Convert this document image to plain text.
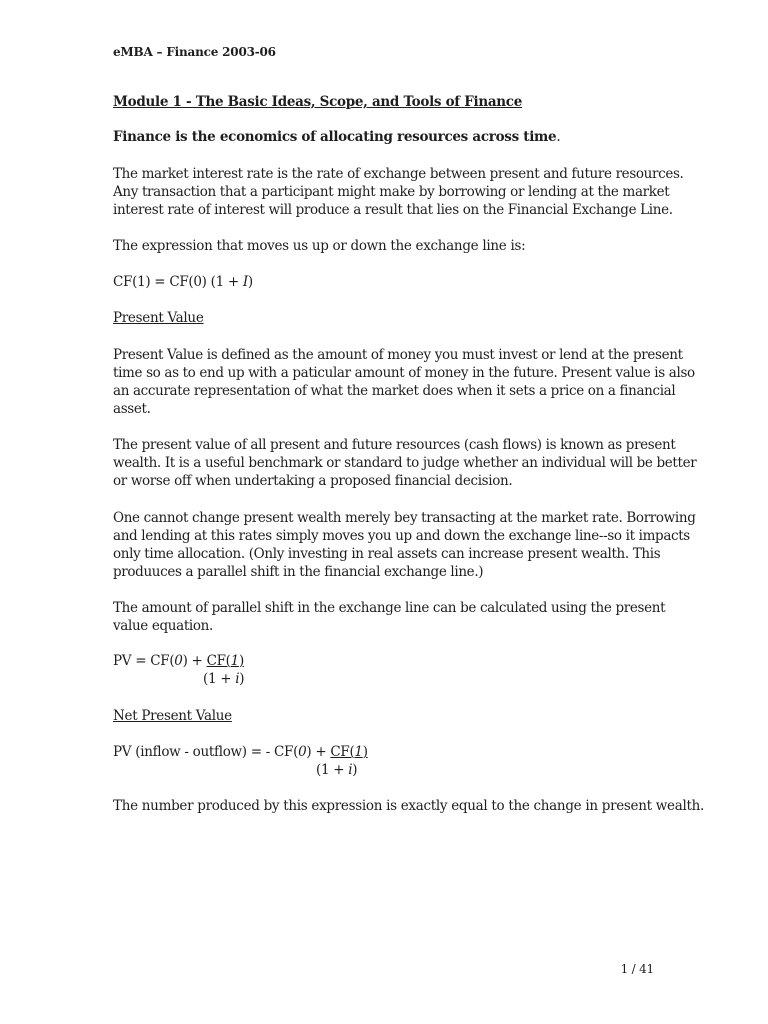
eMBA – Finance 2003-06
Module 1 - The Basic Ideas, Scope, and Tools of Finance
Finance is the economics of allocating resources across time.
The market interest rate is the rate of exchange between present and future resources.
Any transaction that a participant might make by borrowing or lending at the market
interest rate of interest will produce a result that lies on the Financial Exchange Line.
The expression that moves us up or down the exchange line is:
CF(1) = CF(0) (1 + I)
Present Value
Present Value is defined as the amount of money you must invest or lend at the present
time so as to end up with a paticular amount of money in the future. Present value is also
an accurate representation of what the market does when it sets a price on a financial
asset.
The present value of all present and future resources (cash flows) is known as present
wealth. It is a useful benchmark or standard to judge whether an individual will be better
or worse off when undertaking a proposed financial decision.
One cannot change present wealth merely bey transacting at the market rate. Borrowing
and lending at this rates simply moves you up and down the exchange line--so it impacts
only time allocation. (Only investing in real assets can increase present wealth. This
produuces a parallel shift in the financial exchange line.)
The amount of parallel shift in the exchange line can be calculated using the present
value equation.
PV = CF(0) + CF(1)
(1 + i)
Net Present Value
PV (inflow - outflow) = - CF(0) + CF(1)
(1 + i)
The number produced by this expression is exactly equal to the change in present wealth.
1 / 41
